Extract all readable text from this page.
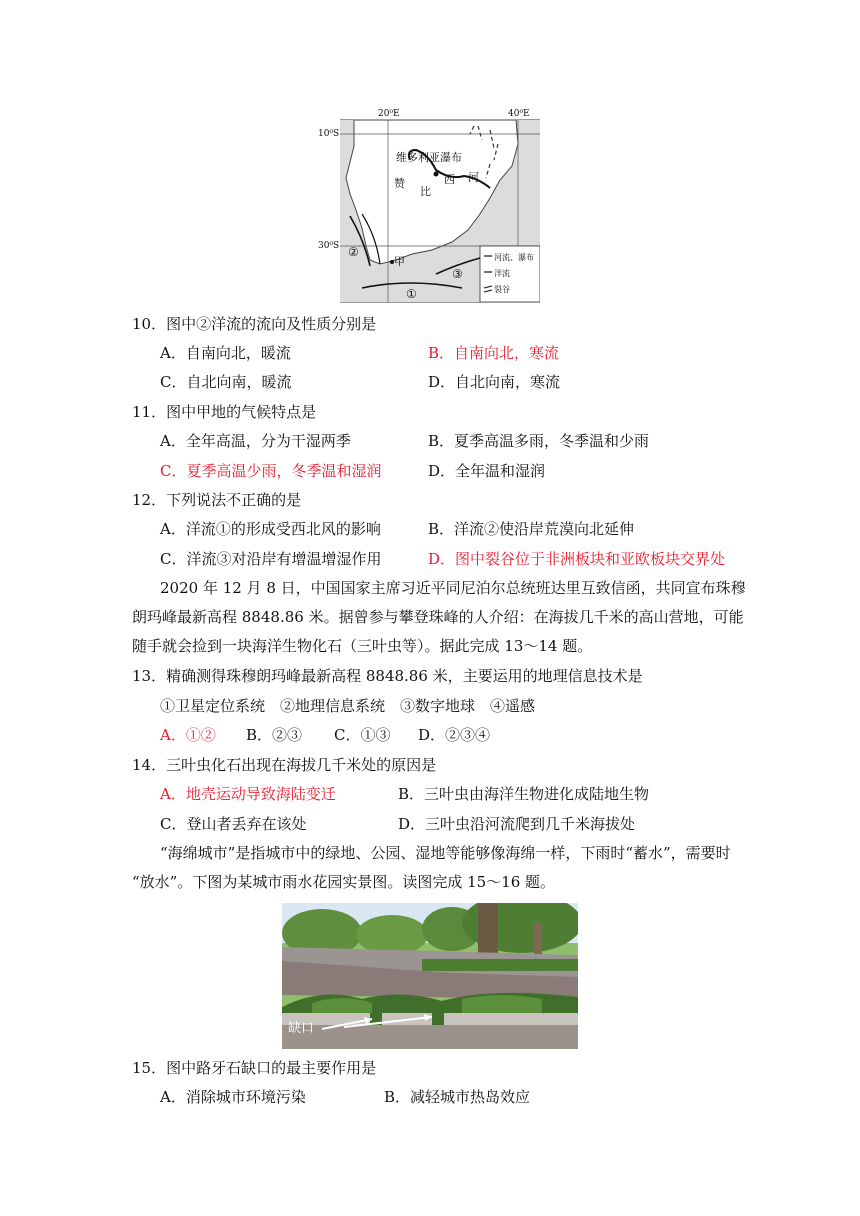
20⁰E	40⁰E
10⁰S
30⁰S
维多利亚瀑布
赞
比
西 河
甲
①
②
③
河流、瀑布
洋流
裂谷
10．图中②洋流的流向及性质分别是
A．自南向北，暖流	B．自南向北，寒流
C．自北向南，暖流	D．自北向南，寒流
11．图中甲地的气候特点是
A．全年高温，分为干湿两季	B．夏季高温多雨，冬季温和少雨
C．夏季高温少雨，冬季温和湿润	D．全年温和湿润
12．下列说法不正确的是
A．洋流①的形成受西北风的影响	B．洋流②使沿岸荒漠向北延伸
C．洋流③对沿岸有增温增湿作用	D．图中裂谷位于非洲板块和亚欧板块交界处
2020 年 12 月 8 日，中国国家主席习近平同尼泊尔总统班达里互致信函，共同宣布珠穆
朗玛峰最新高程 8848.86 米。据曾参与攀登珠峰的人介绍：在海拔几千米的高山营地，可能
随手就会捡到一块海洋生物化石（三叶虫等）。据此完成 13～14 题。
13．精确测得珠穆朗玛峰最新高程 8848.86 米，主要运用的地理信息技术是
①卫星定位系统　②地理信息系统　③数字地球　④遥感
A．①② B．②③ C．①③ D．②③④
14．三叶虫化石出现在海拔几千米处的原因是
A．地壳运动导致海陆变迁	B．三叶虫由海洋生物进化成陆地生物
C．登山者丢弃在该处	D．三叶虫沿河流爬到几千米海拔处
“海绵城市”是指城市中的绿地、公园、湿地等能够像海绵一样，下雨时“蓄水”，需要时
“放水”。下图为某城市雨水花园实景图。读图完成 15～16 题。
缺口
15．图中路牙石缺口的最主要作用是
A．消除城市环境污染	B．减轻城市热岛效应
